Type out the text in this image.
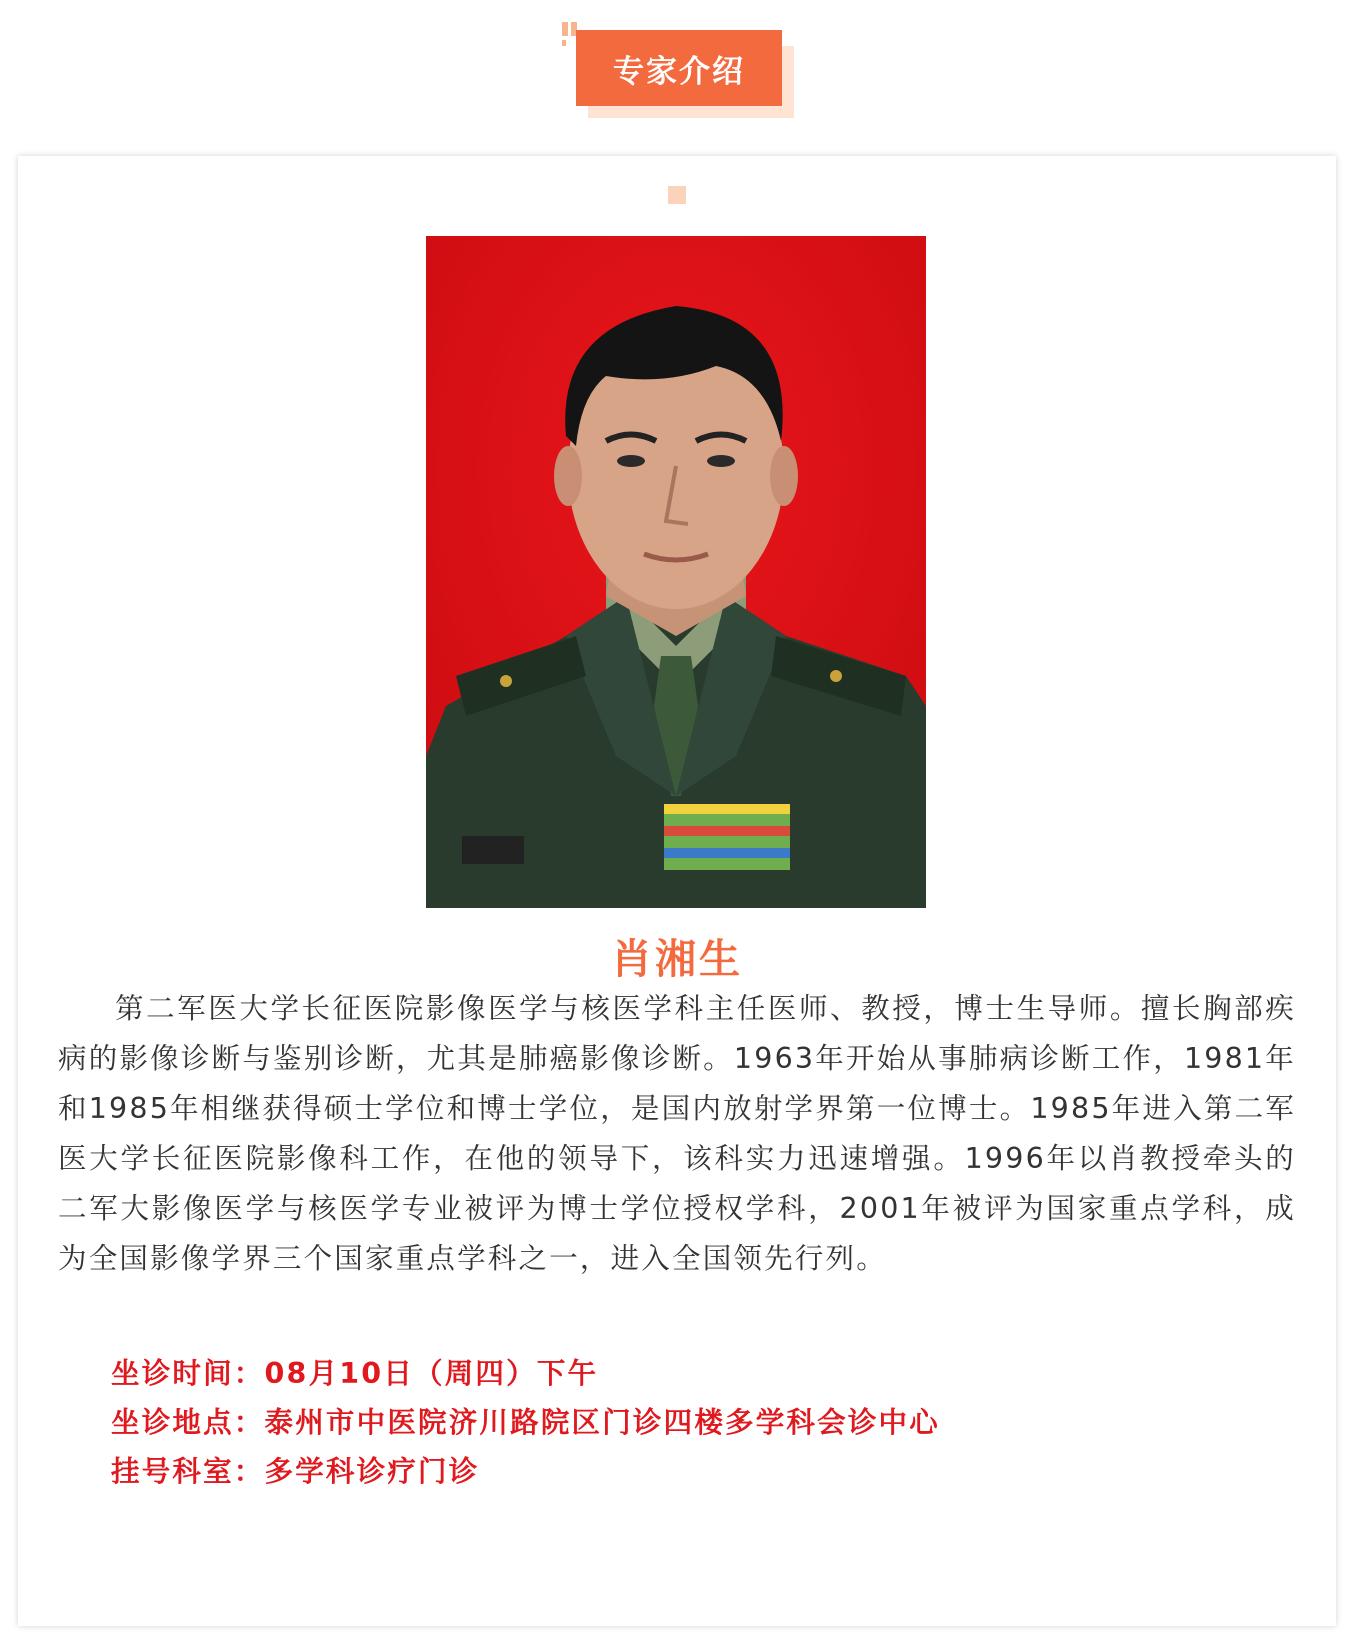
专家介绍
肖湘生
第二军医大学长征医院影像医学与核医学科主任医师、教授，博士生导师。擅长胸部疾病的影像诊断与鉴别诊断，尤其是肺癌影像诊断。1963年开始从事肺病诊断工作，1981年和1985年相继获得硕士学位和博士学位，是国内放射学界第一位博士。1985年进入第二军医大学长征医院影像科工作，在他的领导下，该科实力迅速增强。1996年以肖教授牵头的二军大影像医学与核医学专业被评为博士学位授权学科，2001年被评为国家重点学科，成为全国影像学界三个国家重点学科之一，进入全国领先行列。
坐诊时间：08月10日（周四）下午
坐诊地点：泰州市中医院济川路院区门诊四楼多学科会诊中心
挂号科室：多学科诊疗门诊
